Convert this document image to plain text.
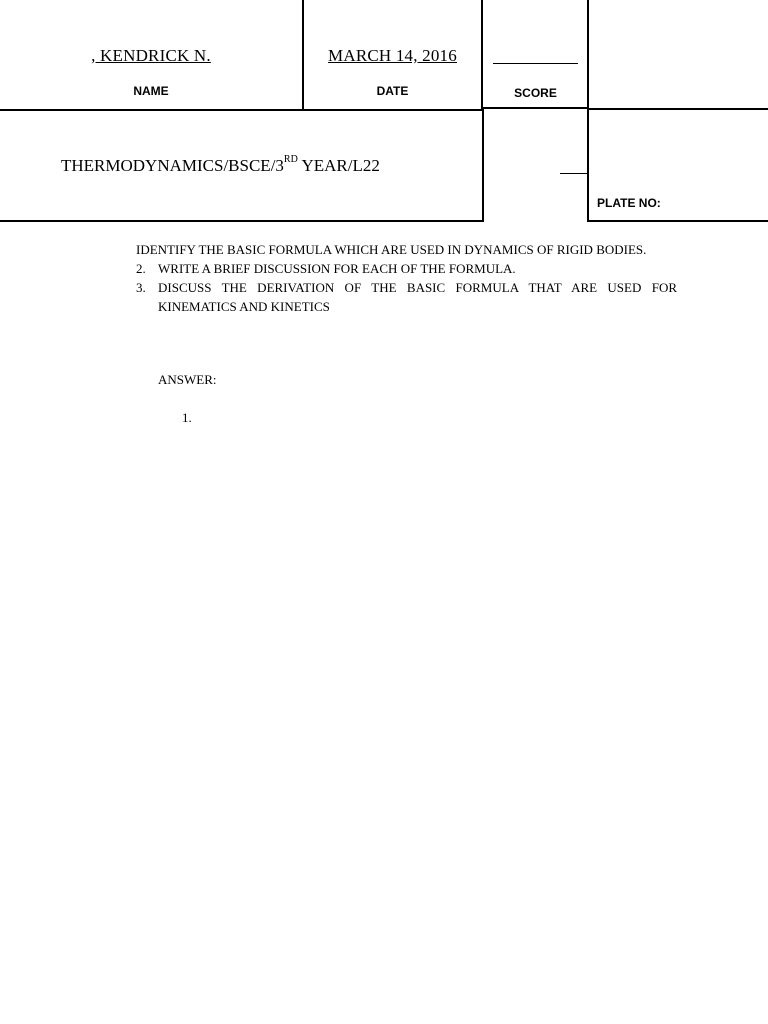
, KENDRICK N.
NAME
MARCH 14, 2016
DATE	SCORE
THERMODYNAMICS/BSCE/3RD YEAR/L22
PLATE NO:
IDENTIFY THE BASIC FORMULA WHICH ARE USED IN DYNAMICS OF RIGID BODIES.
2. WRITE A BRIEF DISCUSSION FOR EACH OF THE FORMULA.
3. DISCUSS THE DERIVATION OF THE BASIC FORMULA THAT ARE USED FOR KINEMATICS AND KINETICS
ANSWER:
1.
